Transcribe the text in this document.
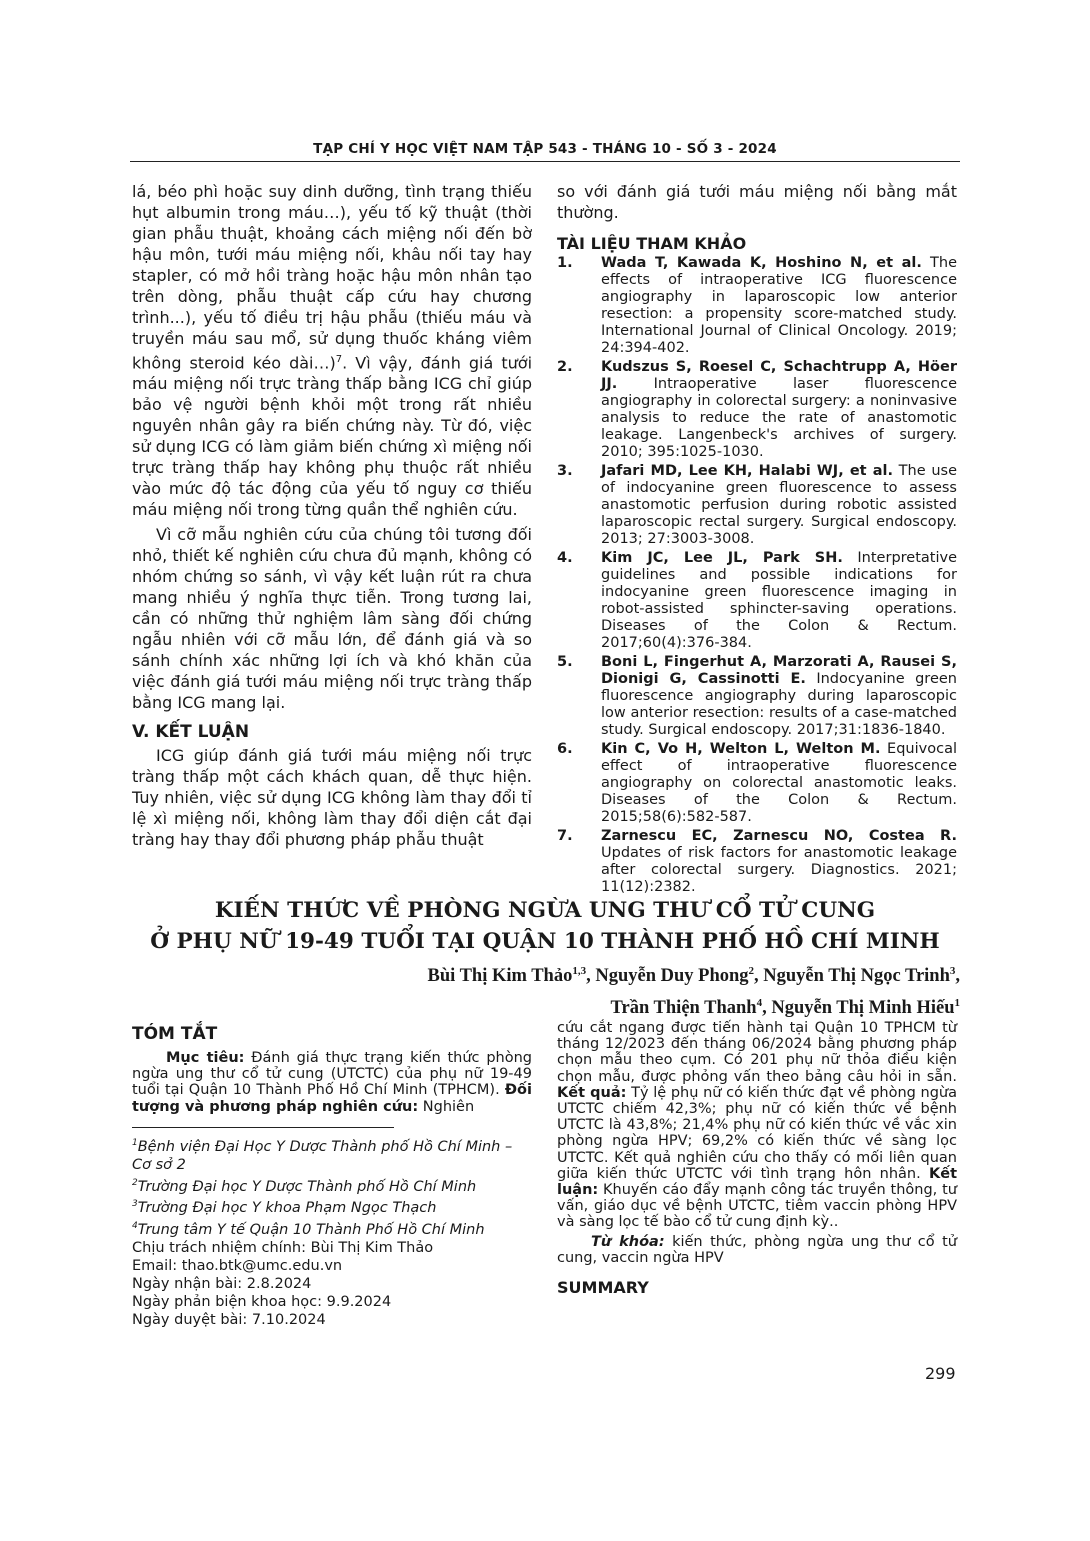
TẠP CHÍ Y HỌC VIỆT NAM TẬP 543 - THÁNG 10 - SỐ 3 - 2024

lá, béo phì hoặc suy dinh dưỡng, tình trạng thiếu hụt albumin trong máu…), yếu tố kỹ thuật (thời gian phẫu thuật, khoảng cách miệng nối đến bờ hậu môn, tưới máu miệng nối, khâu nối tay hay stapler, có mở hồi tràng hoặc hậu môn nhân tạo trên dòng, phẫu thuật cấp cứu hay chương trình...), yếu tố điều trị hậu phẫu (thiếu máu và truyền máu sau mổ, sử dụng thuốc kháng viêm không steroid kéo dài…)$^7$. Vì vậy, đánh giá tưới máu miệng nối trực tràng thấp bằng ICG chỉ giúp bảo vệ người bệnh khỏi một trong rất nhiều nguyên nhân gây ra biến chứng này. Từ đó, việc sử dụng ICG có làm giảm biến chứng xì miệng nối trực tràng thấp hay không phụ thuộc rất nhiều vào mức độ tác động của yếu tố nguy cơ thiếu máu miệng nối trong từng quần thể nghiên cứu.

Vì cỡ mẫu nghiên cứu của chúng tôi tương đối nhỏ, thiết kế nghiên cứu chưa đủ mạnh, không có nhóm chứng so sánh, vì vậy kết luận rút ra chưa mang nhiều ý nghĩa thực tiễn. Trong tương lai, cần có những thử nghiệm lâm sàng đối chứng ngẫu nhiên với cỡ mẫu lớn, để đánh giá và so sánh chính xác những lợi ích và khó khăn của việc đánh giá tưới máu miệng nối trực tràng thấp bằng ICG mang lại.

V. KẾT LUẬN

ICG giúp đánh giá tưới máu miệng nối trực tràng thấp một cách khách quan, dễ thực hiện. Tuy nhiên, việc sử dụng ICG không làm thay đổi tỉ lệ xì miệng nối, không làm thay đổi diện cắt đại tràng hay thay đổi phương pháp phẫu thuật

so với đánh giá tưới máu miệng nối bằng mắt thường.

TÀI LIỆU THAM KHẢO
1. Wada T, Kawada K, Hoshino N, et al. The effects of intraoperative ICG fluorescence angiography in laparoscopic low anterior resection: a propensity score-matched study. International Journal of Clinical Oncology. 2019; 24:394-402.
2. Kudszus S, Roesel C, Schachtrupp A, Höer JJ. Intraoperative laser fluorescence angiography in colorectal surgery: a noninvasive analysis to reduce the rate of anastomotic leakage. Langenbeck's archives of surgery. 2010; 395:1025-1030.
3. Jafari MD, Lee KH, Halabi WJ, et al. The use of indocyanine green fluorescence to assess anastomotic perfusion during robotic assisted laparoscopic rectal surgery. Surgical endoscopy. 2013; 27:3003-3008.
4. Kim JC, Lee JL, Park SH. Interpretative guidelines and possible indications for indocyanine green fluorescence imaging in robot-assisted sphincter-saving operations. Diseases of the Colon & Rectum. 2017;60(4):376-384.
5. Boni L, Fingerhut A, Marzorati A, Rausei S, Dionigi G, Cassinotti E. Indocyanine green fluorescence angiography during laparoscopic low anterior resection: results of a case-matched study. Surgical endoscopy. 2017;31:1836-1840.
6. Kin C, Vo H, Welton L, Welton M. Equivocal effect of intraoperative fluorescence angiography on colorectal anastomotic leaks. Diseases of the Colon & Rectum. 2015;58(6):582-587.
7. Zarnescu EC, Zarnescu NO, Costea R. Updates of risk factors for anastomotic leakage after colorectal surgery. Diagnostics. 2021; 11(12):2382.
KIẾN THỨC VỀ PHÒNG NGỪA UNG THƯ CỔ TỬ CUNG
Ở PHỤ NỮ 19-49 TUỔI TẠI QUẬN 10 THÀNH PHỐ HỒ CHÍ MINH
Bùi Thị Kim Thảo$^{1,3}$, Nguyễn Duy Phong$^2$, Nguyễn Thị Ngọc Trinh$^3$,
Trần Thiện Thanh$^4$, Nguyễn Thị Minh Hiếu$^1$
TÓM TẮT

Mục tiêu: Đánh giá thực trạng kiến thức phòng ngừa ung thư cổ tử cung (UTCTC) của phụ nữ 19-49 tuổi tại Quận 10 Thành Phố Hồ Chí Minh (TPHCM). Đối tượng và phương pháp nghiên cứu: Nghiên

$^1$Bệnh viện Đại Học Y Dược Thành phố Hồ Chí Minh – Cơ sở 2

$^2$Trường Đại học Y Dược Thành phố Hồ Chí Minh

$^3$Trường Đại học Y khoa Phạm Ngọc Thạch

$^4$Trung tâm Y tế Quận 10 Thành Phố Hồ Chí Minh

Chịu trách nhiệm chính: Bùi Thị Kim Thảo

Email: thao.btk@umc.edu.vn

Ngày nhận bài: 2.8.2024

Ngày phản biện khoa học: 9.9.2024

Ngày duyệt bài: 7.10.2024

cứu cắt ngang được tiến hành tại Quận 10 TPHCM từ tháng 12/2023 đến tháng 06/2024 bằng phương pháp chọn mẫu theo cụm. Có 201 phụ nữ thỏa điều kiện chọn mẫu, được phỏng vấn theo bảng câu hỏi in sẵn. Kết quả: Tỷ lệ phụ nữ có kiến thức đạt về phòng ngừa UTCTC chiếm 42,3%; phụ nữ có kiến thức về bệnh UTCTC là 43,8%; 21,4% phụ nữ có kiến thức về vắc xin phòng ngừa HPV; 69,2% có kiến thức về sàng lọc UTCTC. Kết quả nghiên cứu cho thấy có mối liên quan giữa kiến thức UTCTC với tình trạng hôn nhân. Kết luận: Khuyến cáo đẩy mạnh công tác truyền thông, tư vấn, giáo dục về bệnh UTCTC, tiêm vaccin phòng HPV và sàng lọc tế bào cổ tử cung định kỳ..

Từ khóa: kiến thức, phòng ngừa ung thư cổ tử cung, vaccin ngừa HPV

SUMMARY
299
